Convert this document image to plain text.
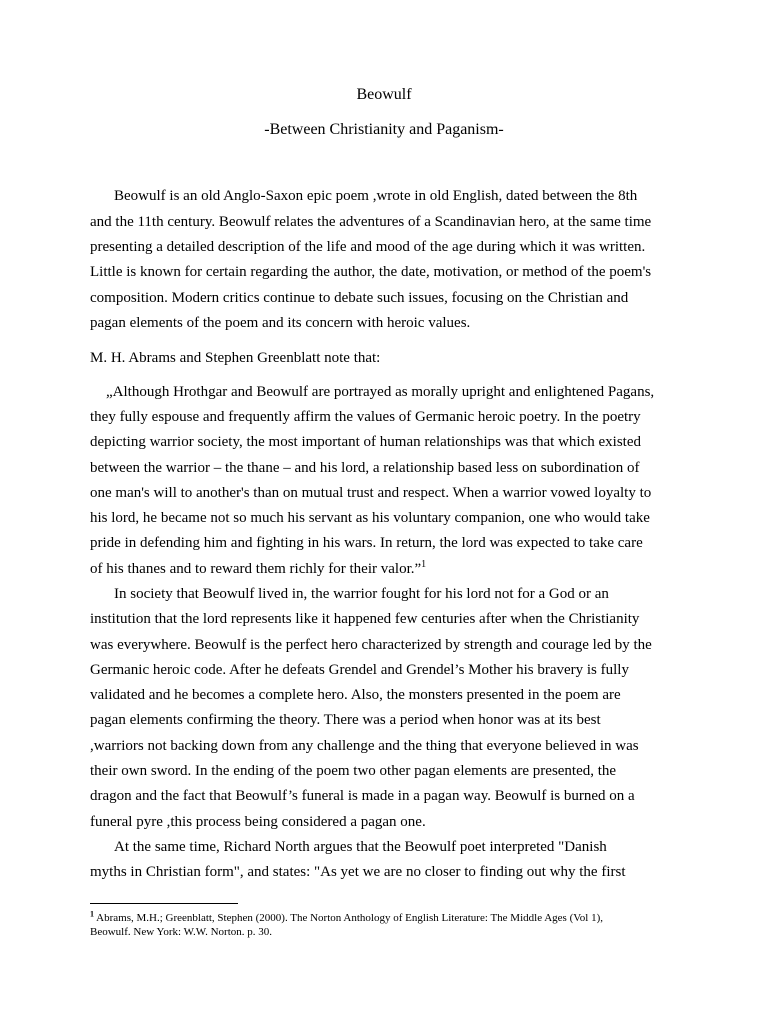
Beowulf
-Between Christianity and Paganism-
Beowulf is an old Anglo-Saxon epic poem ,wrote in old English, dated between the 8th
and the 11th century. Beowulf relates the adventures of a Scandinavian hero, at the same time
presenting a detailed description of the life and mood of the age during which it was written.
Little is known for certain regarding the author, the date, motivation, or method of the poem's
composition. Modern critics continue to debate such issues, focusing on the Christian and
pagan elements of the poem and its concern with heroic values.
M. H. Abrams and Stephen Greenblatt note that:
„Although Hrothgar and Beowulf are portrayed as morally upright and enlightened Pagans,
they fully espouse and frequently affirm the values of Germanic heroic poetry. In the poetry
depicting warrior society, the most important of human relationships was that which existed
between the warrior – the thane – and his lord, a relationship based less on subordination of
one man's will to another's than on mutual trust and respect. When a warrior vowed loyalty to
his lord, he became not so much his servant as his voluntary companion, one who would take
pride in defending him and fighting in his wars. In return, the lord was expected to take care
of his thanes and to reward them richly for their valor.”$^1$
In society that Beowulf lived in, the warrior fought for his lord not for a God or an
institution that the lord represents like it happened few centuries after when the Christianity
was everywhere. Beowulf is the perfect hero characterized by strength and courage led by the
Germanic heroic code. After he defeats Grendel and Grendel’s Mother his bravery is fully
validated and he becomes a complete hero. Also, the monsters presented in the poem are
pagan elements confirming the theory. There was a period when honor was at its best
,warriors not backing down from any challenge and the thing that everyone believed in was
their own sword. In the ending of the poem two other pagan elements are presented, the
dragon and the fact that Beowulf’s funeral is made in a pagan way. Beowulf is burned on a
funeral pyre ,this process being considered a pagan one.
At the same time, Richard North argues that the Beowulf poet interpreted "Danish
myths in Christian form", and states: "As yet we are no closer to finding out why the first
$^1$ Abrams, M.H.; Greenblatt, Stephen (2000). The Norton Anthology of English Literature: The Middle Ages (Vol 1),
Beowulf. New York: W.W. Norton. p. 30.
